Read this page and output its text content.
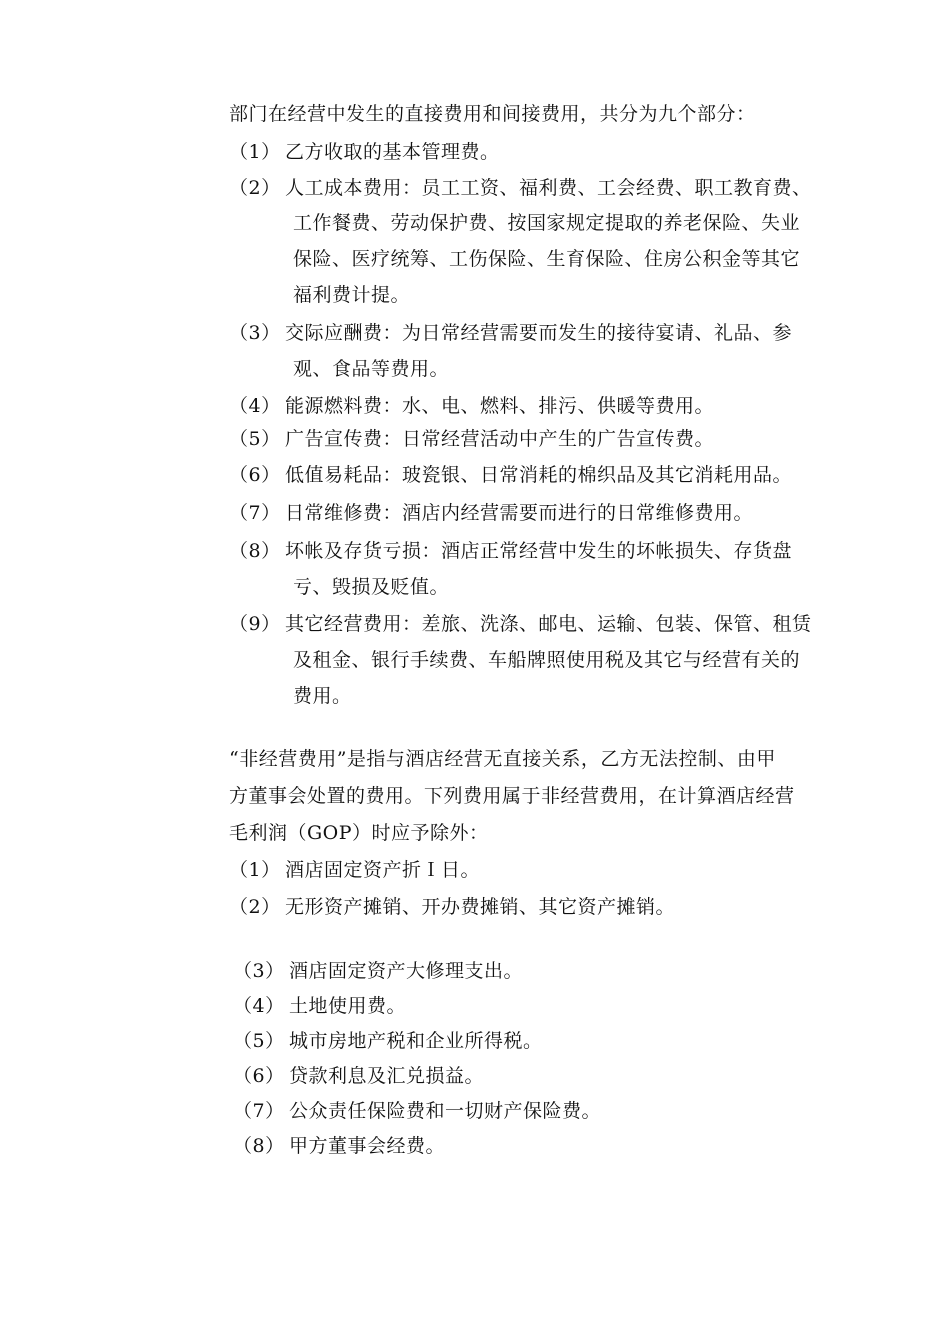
部门在经营中发生的直接费用和间接费用，共分为九个部分：
（1） 乙方收取的基本管理费。
（2） 人工成本费用：员工工资、福利费、工会经费、职工教育费、
工作餐费、劳动保护费、按国家规定提取的养老保险、失业
保险、医疗统筹、工伤保险、生育保险、住房公积金等其它
福利费计提。
（3） 交际应酬费：为日常经营需要而发生的接待宴请、礼品、参
观、食品等费用。
（4） 能源燃料费：水、电、燃料、排污、供暖等费用。
（5） 广告宣传费：日常经营活动中产生的广告宣传费。
（6） 低值易耗品：玻瓷银、日常消耗的棉织品及其它消耗用品。
（7） 日常维修费：酒店内经营需要而进行的日常维修费用。
（8） 坏帐及存货亏损：酒店正常经营中发生的坏帐损失、存货盘
亏、毁损及贬值。
（9） 其它经营费用：差旅、洗涤、邮电、运输、包装、保管、租赁
及租金、银行手续费、车船牌照使用税及其它与经营有关的
费用。
“非经营费用”是指与酒店经营无直接关系，乙方无法控制、由甲
方董事会处置的费用。下列费用属于非经营费用，在计算酒店经营
毛利润（GOP）时应予除外：
（1） 酒店固定资产折Ｉ日。
（2） 无形资产摊销、开办费摊销、其它资产摊销。
（3） 酒店固定资产大修理支出。
（4） 土地使用费。
（5） 城市房地产税和企业所得税。
（6） 贷款利息及汇兑损益。
（7） 公众责任保险费和一切财产保险费。
（8） 甲方董事会经费。
